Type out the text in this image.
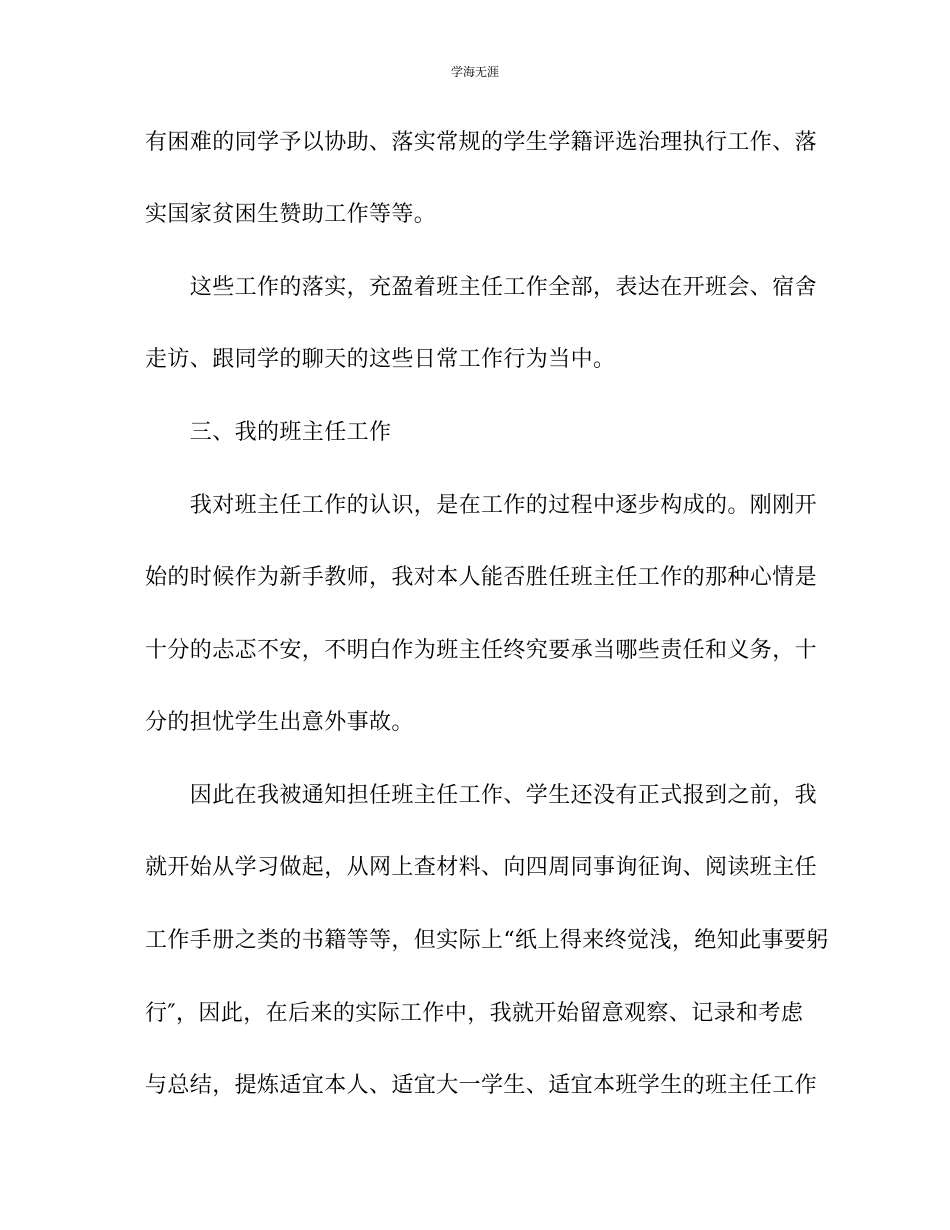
学海无涯
有困难的同学予以协助、落实常规的学生学籍评选治理执行工作、落
实国家贫困生赞助工作等等。
　　这些工作的落实，充盈着班主任工作全部，表达在开班会、宿舍
走访、跟同学的聊天的这些日常工作行为当中。
　　三、我的班主任工作
　　我对班主任工作的认识，是在工作的过程中逐步构成的。刚刚开
始的时候作为新手教师，我对本人能否胜任班主任工作的那种心情是
十分的忐忑不安，不明白作为班主任终究要承当哪些责任和义务，十
分的担忧学生出意外事故。
　　因此在我被通知担任班主任工作、学生还没有正式报到之前，我
就开始从学习做起，从网上查材料、向四周同事询征询、阅读班主任
工作手册之类的书籍等等，但实际上“纸上得来终觉浅，绝知此事要躬
行″，因此，在后来的实际工作中，我就开始留意观察、记录和考虑
与总结，提炼适宜本人、适宜大一学生、适宜本班学生的班主任工作
